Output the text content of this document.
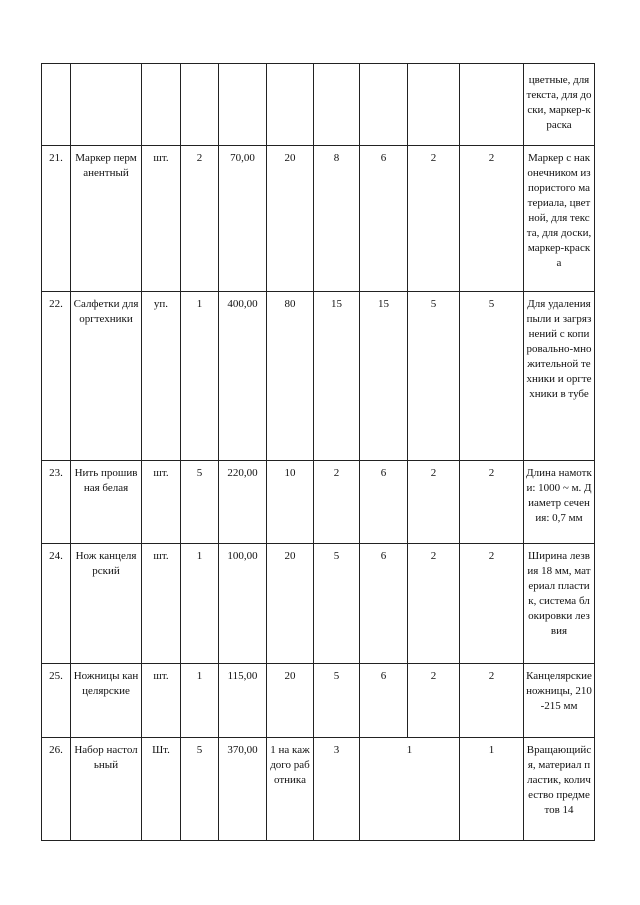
										цветные, для текста, для доски, маркер-краска
21.	Маркер перманентный	шт.	2	70,00	20	8	6	2	2	Маркер с наконечником из пористого материала, цветной, для текста, для доски, маркер-краска
22.	Салфетки для оргтехники	уп.	1	400,00	80	15	15	5	5	Для удаления пыли и загрязнений с копировально-множительной техники и оргтехники в тубе
23.	Нить прошивная белая	шт.	5	220,00	10	2	6	2	2	Длина намотки: 1000 ~ м. Диаметр сечения: 0,7 мм
24.	Нож канцелярский	шт.	1	100,00	20	5	6	2	2	Ширина лезвия 18 мм, материал пластик, система блокировки лезвия
25.	Ножницы канцелярские	шт.	1	115,00	20	5	6	2	2	Канцелярские ножницы, 210-215 мм
26.	Набор настольный	Шт.	5	370,00	1 на каждого работника	3	1		1	Вращающийся, материал пластик, количество предметов 14
